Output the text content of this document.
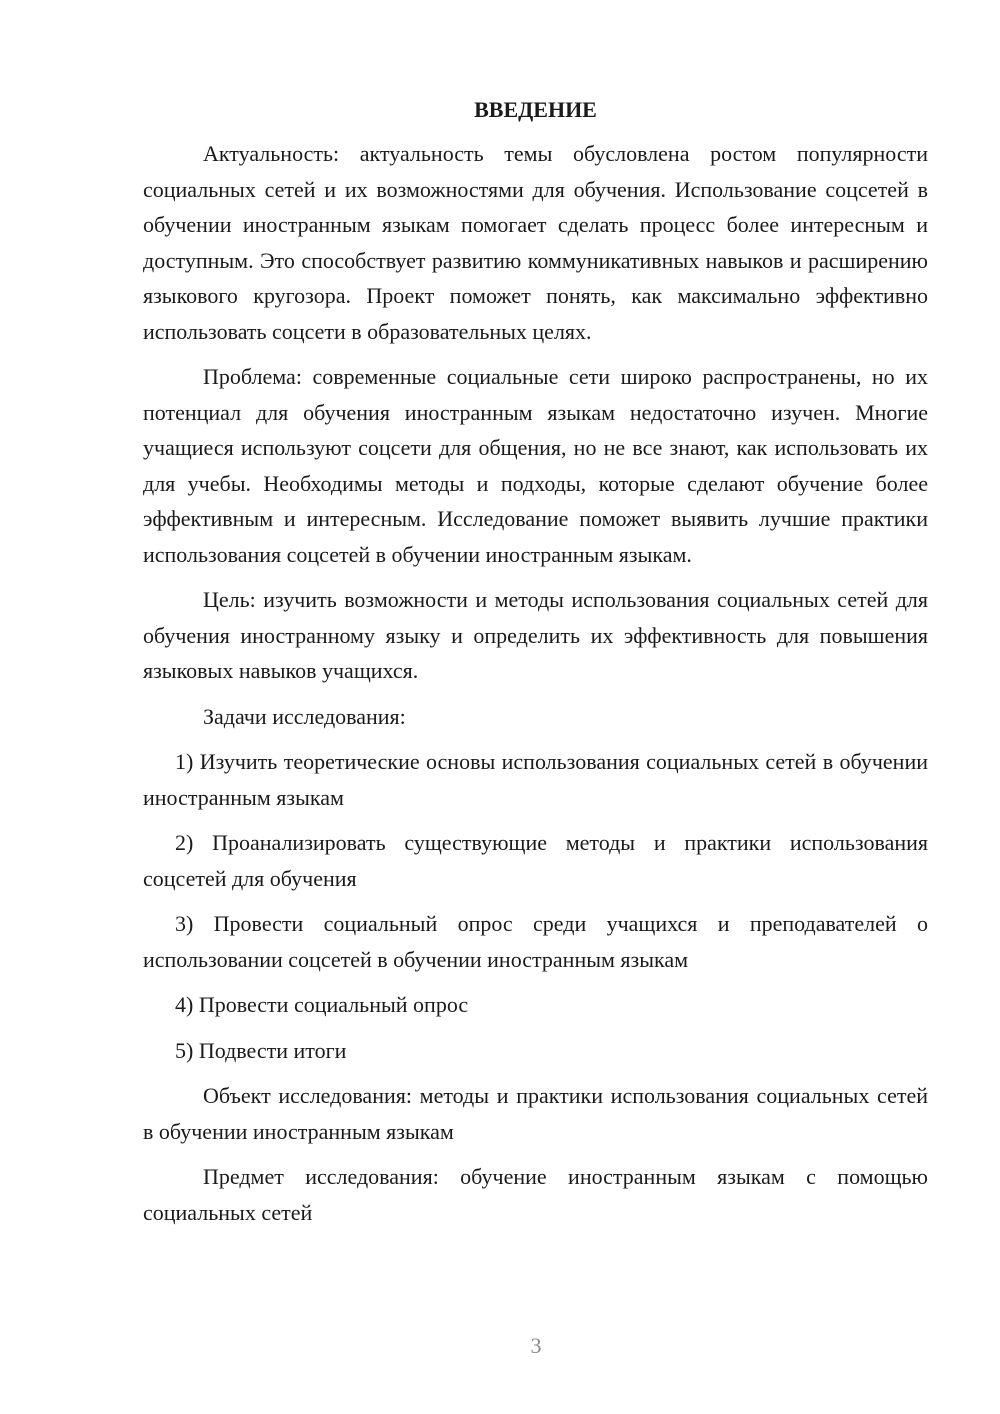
ВВЕДЕНИЕ

Актуальность: актуальность темы обусловлена ростом популярности социальных сетей и их возможностями для обучения. Использование соцсетей в обучении иностранным языкам помогает сделать процесс более интересным и доступным. Это способствует развитию коммуникативных навыков и расширению языкового кругозора. Проект поможет понять, как максимально эффективно использовать соцсети в образовательных целях.

Проблема: современные социальные сети широко распространены, но их потенциал для обучения иностранным языкам недостаточно изучен. Многие учащиеся используют соцсети для общения, но не все знают, как использовать их для учебы. Необходимы методы и подходы, которые сделают обучение более эффективным и интересным. Исследование поможет выявить лучшие практики использования соцсетей в обучении иностранным языкам.

Цель: изучить возможности и методы использования социальных сетей для обучения иностранному языку и определить их эффективность для повышения языковых навыков учащихся.

Задачи исследования:

1) Изучить теоретические основы использования социальных сетей в обучении иностранным языкам

2) Проанализировать существующие методы и практики использования соцсетей для обучения

3) Провести социальный опрос среди учащихся и преподавателей о использовании соцсетей в обучении иностранным языкам

4) Провести социальный опрос

5) Подвести итоги

Объект исследования: методы и практики использования социальных сетей в обучении иностранным языкам

Предмет исследования: обучение иностранным языкам с помощью социальных сетей

3
